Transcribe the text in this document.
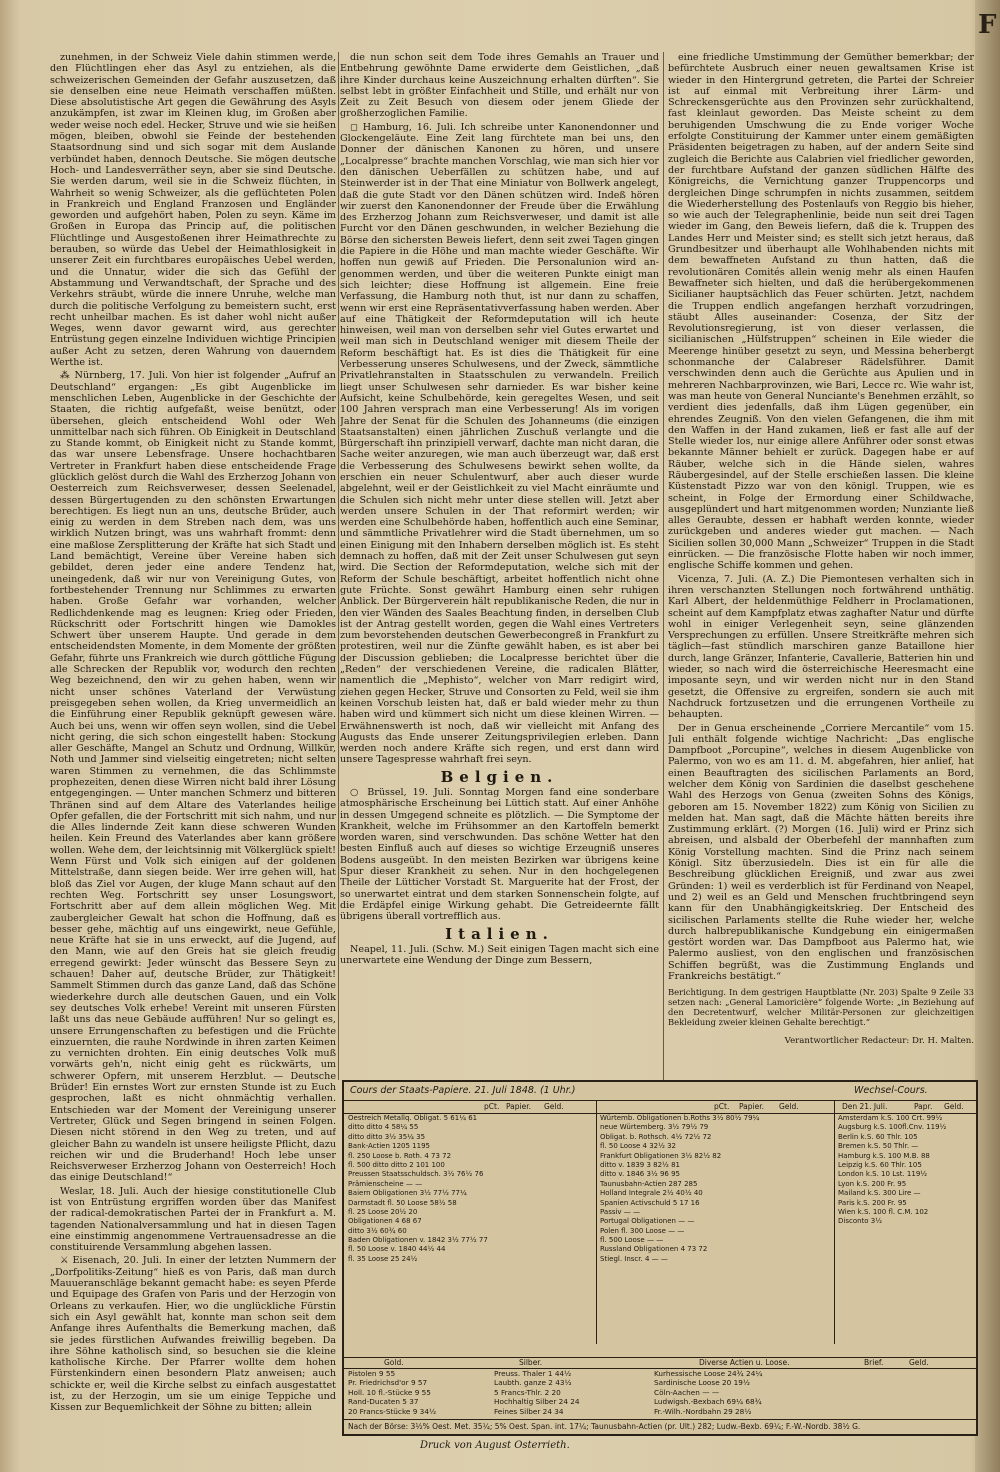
F

zunehmen, in der Schweiz Viele dahin stimmen werde, den Flüchtlingen eher das Asyl zu entziehen, als die schweizerischen Gemeinden der Gefahr auszusetzen, daß sie denselben eine neue Heimath verschaffen müßten. Diese absolutistische Art gegen die Gewährung des Asyls anzukämpfen, ist zwar im Kleinen klug, im Großen aber weder weise noch edel. Hecker, Struve und wie sie heißen mögen, bleiben, obwohl sie Feinde der bestehenden Staatsordnung sind und sich sogar mit dem Auslande verbündet haben, dennoch Deutsche. Sie mögen deutsche Hoch- und Landesverräther seyn, aber sie sind Deutsche. Sie werden darum, weil sie in die Schweiz flüchten, in Wahrheit so wenig Schweizer, als die geflüchteten Polen in Frankreich und England Franzosen und Engländer geworden und aufgehört haben, Polen zu seyn. Käme im Großen in Europa das Princip auf, die politischen Flüchtlinge und Ausgestoßenen ihrer Heimathrechte zu berauben, so würde das Uebel der Heimathlosigkeit in unserer Zeit ein furchtbares europäisches Uebel werden, und die Unnatur, wider die sich das Gefühl der Abstammung und Verwandtschaft, der Sprache und des Verkehrs sträubt, würde die innere Unruhe, welche man durch die politische Verfolgung zu bemeistern sucht, erst recht unheilbar machen. Es ist daher wohl nicht außer Weges, wenn davor gewarnt wird, aus gerechter Entrüstung gegen einzelne Individuen wichtige Principien außer Acht zu setzen, deren Wahrung von dauerndem Werthe ist.

⁂ Nürnberg, 17. Juli. Von hier ist folgender „Aufruf an Deutschland“ ergangen: „Es gibt Augenblicke im menschlichen Leben, Augenblicke in der Geschichte der Staaten, die richtig aufgefaßt, weise benützt, oder übersehen, gleich entscheidend Wohl oder Weh unmittelbar nach sich führen. Ob Einigkeit in Deutschland zu Stande kommt, ob Einigkeit nicht zu Stande kommt, das war unsere Lebensfrage. Unsere hochachtbaren Vertreter in Frankfurt haben diese entscheidende Frage glücklich gelöst durch die Wahl des Erzherzog Johann von Oesterreich zum Reichsverweser, dessen Seelenadel, dessen Bürgertugenden zu den schönsten Erwartungen berechtigen. Es liegt nun an uns, deutsche Brüder, auch einig zu werden in dem Streben nach dem, was uns wirklich Nutzen bringt, was uns wahrhaft frommt: denn eine maßlose Zersplitterung der Kräfte hat sich Stadt und Land bemächtigt, Vereine über Vereine haben sich gebildet, deren jeder eine andere Tendenz hat, uneingedenk, daß wir nur von Vereinigung Gutes, von fortbestehender Trennung nur Schlimmes zu erwarten haben. Große Gefahr war vorhanden, welcher Redlichdenkende mag es leugnen: Krieg oder Frieden, Rückschritt oder Fortschritt hingen wie Damokles Schwert über unserem Haupte. Und gerade in dem entscheidendsten Momente, in dem Momente der größten Gefahr, führte uns Frankreich wie durch göttliche Fügung alle Schrecken der Republik vor, wodurch den rechten Weg bezeichnend, den wir zu gehen haben, wenn wir nicht unser schönes Vaterland der Verwüstung preisgegeben sehen wollen, da Krieg unvermeidlich an die Einführung einer Republik geknüpft gewesen wäre. Auch bei uns, wenn wir offen seyn wollen, sind die Uebel nicht gering, die sich schon eingestellt haben: Stockung aller Geschäfte, Mangel an Schutz und Ordnung, Willkür, Noth und Jammer sind vielseitig eingetreten; nicht selten waren Stimmen zu vernehmen, die das Schlimmste prophezeiten, denen diese Wirren nicht bald ihrer Lösung entgegengingen. — Unter manchen Schmerz und bitteren Thränen sind auf dem Altare des Vaterlandes heilige Opfer gefallen, die der Fortschritt mit sich nahm, und nur die Alles lindernde Zeit kann diese schweren Wunden heilen. Kein Freund des Vaterlandes aber kann größere wollen. Wehe dem, der leichtsinnig mit Völkerglück spielt! Wenn Fürst und Volk sich einigen auf der goldenen Mittelstraße, dann siegen beide. Wer irre gehen will, hat bloß das Ziel vor Augen, der kluge Mann schaut auf den rechten Weg. Fortschritt sey unser Losungswort, Fortschritt aber auf dem allein möglichen Weg. Mit zaubergleicher Gewalt hat schon die Hoffnung, daß es besser gehe, mächtig auf uns eingewirkt, neue Gefühle, neue Kräfte hat sie in uns erweckt, auf die Jugend, auf den Mann, wie auf den Greis hat sie gleich freudig erregend gewirkt: Jeder wünscht das Bessere Seyn zu schauen! Daher auf, deutsche Brüder, zur Thätigkeit! Sammelt Stimmen durch das ganze Land, daß das Schöne wiederkehre durch alle deutschen Gauen, und ein Volk sey deutsches Volk erhebe! Vereint mit unseren Fürsten laßt uns das neue Gebäude aufführen! Nur so gelingt es, unsere Errungenschaften zu befestigen und die Früchte einzuernten, die rauhe Nordwinde in ihren zarten Keimen zu vernichten drohten. Ein einig deutsches Volk muß vorwärts geh'n, nicht einig geht es rückwärts, um schwerer Opfern, mit unserem Herzblut. — Deutsche Brüder! Ein ernstes Wort zur ernsten Stunde ist zu Euch gesprochen, laßt es nicht ohnmächtig verhallen. Entschieden war der Moment der Vereinigung unserer Vertreter, Glück und Segen bringend in seinen Folgen. Diesen nicht störend in den Weg zu treten, und auf gleicher Bahn zu wandeln ist unsere heiligste Pflicht, dazu reichen wir und die Bruderhand! Hoch lebe unser Reichsverweser Erzherzog Johann von Oesterreich! Hoch das einige Deutschland!“

Weslar, 18. Juli. Auch der hiesige constitutionelle Club ist von Entrüstung ergriffen worden über das Manifest der radical-demokratischen Partei der in Frankfurt a. M. tagenden Nationalversammlung und hat in diesen Tagen eine einstimmig angenommene Vertrauensadresse an die constituirende Versammlung abgehen lassen.

⚔ Eisenach, 20. Juli. In einer der letzten Nummern der „Dorfpolitiks-Zeitung“ hieß es von Paris, daß man durch Mauueranschläge bekannt gemacht habe: es seyen Pferde und Equipage des Grafen von Paris und der Herzogin von Orleans zu verkaufen. Hier, wo die unglückliche Fürstin sich ein Asyl gewählt hat, konnte man schon seit dem Anfange ihres Aufenthalts die Bemerkung machen, daß sie jedes fürstlichen Aufwandes freiwillig begeben. Da ihre Söhne katholisch sind, so besuchen sie die kleine katholische Kirche. Der Pfarrer wollte dem hohen Fürstenkindern einen besondern Platz anweisen; auch schickte er, weil die Kirche selbst zu einfach ausgestattet ist, zu der Herzogin, um sie um einige Teppiche und Kissen zur Bequemlichkeit der Söhne zu bitten; allein

die nun schon seit dem Tode ihres Gemahls an Trauer und Entbehrung gewöhnte Dame erwiderte dem Geistlichen, „daß ihre Kinder durchaus keine Auszeichnung erhalten dürften“. Sie selbst lebt in größter Einfachheit und Stille, und erhält nur von Zeit zu Zeit Besuch von diesem oder jenem Gliede der großherzoglichen Familie.

◻ Hamburg, 16. Juli. Ich schreibe unter Kanonendonner und Glockengeläute. Eine Zeit lang fürchtete man bei uns, den Donner der dänischen Kanonen zu hören, und unsere „Localpresse“ brachte manchen Vorschlag, wie man sich hier vor den dänischen Ueberfällen zu schützen habe, und auf Steinwerder ist in der That eine Miniatur von Bollwerk angelegt, daß die gute Stadt vor den Dänen schützen wird. Indeß hören wir zuerst den Kanonendonner der Freude über die Erwählung des Erzherzog Johann zum Reichsverweser, und damit ist alle Furcht vor den Dänen geschwunden, in welcher Beziehung die Börse den sichersten Beweis liefert, denn seit zwei Tagen gingen die Papiere in die Höhe und man machte wieder Geschäfte. Wir hoffen nun gewiß auf Frieden. Die Personalunion wird an-genommen werden, und über die weiteren Punkte einigt man sich leichter; diese Hoffnung ist allgemein. Eine freie Verfassung, die Hamburg noth thut, ist nur dann zu schaffen, wenn wir erst eine Repräsentativverfassung haben werden. Aber auf eine Thätigkeit der Reformdeputation will ich heute hinweisen, weil man von derselben sehr viel Gutes erwartet und weil man sich in Deutschland weniger mit diesem Theile der Reform beschäftigt hat. Es ist dies die Thätigkeit für eine Verbesserung unseres Schulwesens, und der Zweck, sämmtliche Privatlehranstalten in Staatsschulen zu verwandeln. Freilich liegt unser Schulwesen sehr darnieder. Es war bisher keine Aufsicht, keine Schulbehörde, kein geregeltes Wesen, und seit 100 Jahren versprach man eine Verbesserung! Als im vorigen Jahre der Senat für die Schulen des Johanneums (die einzigen Staatsanstalten) einen jährlichen Zuschuß verlangte und die Bürgerschaft ihn prinzipiell verwarf, dachte man nicht daran, die Sache weiter anzuregen, wie man auch überzeugt war, daß erst die Verbesserung des Schulwesens bewirkt sehen wollte, da erschien ein neuer Schulentwurf, aber auch dieser wurde abgelehnt, weil er der Geistlichkeit zu viel Macht einräumte und die Schulen sich nicht mehr unter diese stellen will. Jetzt aber werden unsere Schulen in der That reformirt werden; wir werden eine Schulbehörde haben, hoffentlich auch eine Seminar, und sämmtliche Privatlehrer wird die Stadt übernehmen, um so einen Einigung mit den Inhabern derselben möglich ist. Es steht demnach zu hoffen, daß mit der Zeit unser Schulwesen gut seyn wird. Die Section der Reformdeputation, welche sich mit der Reform der Schule beschäftigt, arbeitet hoffentlich nicht ohne gute Früchte. Sonst gewährt Hamburg einen sehr ruhigen Anblick. Der Bürgerverein hält republikanische Reden, die nur in den vier Wänden des Saales Beachtung finden, in derselben Club ist der Antrag gestellt worden, gegen die Wahl eines Vertreters zum bevorstehenden deutschen Gewerbecongreß in Frankfurt zu protestiren, weil nur die Zünfte gewählt haben, es ist aber bei der Discussion geblieben; die Localpresse berichtet über die „Reden“ der verschiedenen Vereine, die radicalen Blätter, namentlich die „Mephisto“, welcher von Marr redigirt wird, ziehen gegen Hecker, Struve und Consorten zu Feld, weil sie ihm keinen Vorschub leisten hat, daß er bald wieder mehr zu thun haben wird und kümmert sich nicht um diese kleinen Wirren. — Erwähnenswerth ist noch, daß wir vielleicht mit Anfang des Augusts das Ende unserer Zeitungsprivilegien erleben. Dann werden noch andere Kräfte sich regen, und erst dann wird unsere Tagespresse wahrhaft frei seyn.

Belgien.

○ Brüssel, 19. Juli. Sonntag Morgen fand eine sonderbare atmosphärische Erscheinung bei Lüttich statt. Auf einer Anhöhe in dessen Umgegend schneite es plötzlich. — Die Symptome der Krankheit, welche im Frühsommer an den Kartoffeln bemerkt worden waren, sind verschwunden. Das schöne Wetter hat den besten Einfluß auch auf dieses so wichtige Erzeugniß unseres Bodens ausgeübt. In den meisten Bezirken war übrigens keine Spur dieser Krankheit zu sehen. Nur in den hochgelegenen Theile der Lütticher Vorstadt St. Marguerite hat der Frost, der so unerwartet eintrat und dem starken Sonnenschein folgte, auf die Erdäpfel einige Wirkung gehabt. Die Getreideernte fällt übrigens überall vortrefflich aus.

Italien.

Neapel, 11. Juli. (Schw. M.) Seit einigen Tagen macht sich eine unerwartete eine Wendung der Dinge zum Bessern,

eine friedliche Umstimmung der Gemüther bemerkbar; der befürchtete Ausbruch einer neuen gewaltsamen Krise ist wieder in den Hintergrund getreten, die Partei der Schreier ist auf einmal mit Verbreitung ihrer Lärm- und Schreckensgerüchte aus den Provinzen sehr zurückhaltend, fast kleinlaut geworden. Das Meiste scheint zu dem beruhigenden Umschwung die zu Ende voriger Woche erfolgte Constituirung der Kammer unter einem gemäßigten Präsidenten beigetragen zu haben, auf der andern Seite sind zugleich die Berichte aus Calabrien viel friedlicher geworden, der furchtbare Aufstand der ganzen südlichen Hälfte des Königreichs, die Vernichtung ganzer Truppencorps und dergleichen Dinge schrumpfen in nichts zusammen, seitdem die Wiederherstellung des Postenlaufs von Reggio bis hieher, so wie auch der Telegraphenlinie, beide nun seit drei Tagen wieder im Gang, den Beweis liefern, daß die k. Truppen des Landes Herr und Meister sind; es stellt sich jetzt heraus, daß Grundbesitzer und überhaupt alle Wohlhabenden nichts mit dem bewaffneten Aufstand zu thun hatten, daß die revolutionären Comités allein wenig mehr als einen Haufen Bewaffneter sich hielten, und daß die herübergekommenen Sicilianer hauptsächlich das Feuer schürten. Jetzt, nachdem die Truppen endlich angefangen herzhaft vorzudringen, stäubt Alles auseinander: Cosenza, der Sitz der Revolutionsregierung, ist von dieser verlassen, die sicilianischen „Hülfstruppen“ scheinen in Eile wieder die Meerenge hinüber gesetzt zu seyn, und Messina beherbergt schonmanche der Calabreser Rädelsführer. Damit verschwinden denn auch die Gerüchte aus Apulien und in mehreren Nachbarprovinzen, wie Bari, Lecce rc. Wie wahr ist, was man heute von General Nunciante's Benehmen erzählt, so verdient dies jedenfalls, daß ihm Lügen gegenüber, ein ehrendes Zeugniß. Von den vielen Gefangenen, die ihm mit den Waffen in der Hand zukamen, ließ er fast alle auf der Stelle wieder los, nur einige allere Anführer oder sonst etwas bekannte Männer behielt er zurück. Dagegen habe er auf Räuber, welche sich in die Hände sielen, wahres Räubergesindel, auf der Stelle erschießen lassen. Die kleine Küstenstadt Pizzo war von den königl. Truppen, wie es scheint, in Folge der Ermordung einer Schildwache, ausgeplündert und hart mitgenommen worden; Nunziante ließ alles Geraubte, dessen er habhaft werden konnte, wieder zurückgeben und anderes wieder gut machen. — Nach Sicilien sollen 30,000 Mann „Schweizer“ Truppen in die Stadt einrücken. — Die französische Flotte haben wir noch immer, englische Schiffe kommen und gehen.

Vicenza, 7. Juli. (A. Z.) Die Piemontesen verhalten sich in ihren verschanzten Stellungen noch fortwährend unthätig. Karl Albert, der heldenmüthige Feldherr in Proclamationen, scheint auf dem Kampfplatz etwas zaghafter Natur und dürfte wohl in einiger Verlegenheit seyn, seine glänzenden Versprechungen zu erfüllen. Unsere Streitkräfte mehren sich täglich—fast stündlich marschiren ganze Bataillone hier durch, lange Gränzer, Infanterie, Cavallerie, Batterien hin und wieder, so nach wird die österreichische Heeresmacht eine imposante seyn, und wir werden nicht nur in den Stand gesetzt, die Offensive zu ergreifen, sondern sie auch mit Nachdruck fortzusetzen und die errungenen Vortheile zu behaupten.

Der in Genua erscheinende „Corriere Mercantile“ vom 15. Juli enthält folgende wichtige Nachricht: „Das englische Dampfboot „Porcupine“, welches in diesem Augenblicke von Palermo, von wo es am 11. d. M. abgefahren, hier anlief, hat einen Beauftragten des sicilischen Parlaments an Bord, welcher dem König von Sardinien die daselbst geschehene Wahl des Herzogs von Genua (zweiten Sohns des Königs, geboren am 15. November 1822) zum König von Sicilien zu melden hat. Man sagt, daß die Mächte hätten bereits ihre Zustimmung erklärt. (?) Morgen (16. Juli) wird er Prinz sich abreisen, und alsbald der Oberbefehl der mannhaften zum König Vorstellung machten. Sind die Prinz nach seinem Königl. Sitz überzusiedeln. Dies ist ein für alle die Beschreibung glücklichen Ereigniß, und zwar aus zwei Gründen: 1) weil es verderblich ist für Ferdinand von Neapel, und 2) weil es an Geld und Menschen fruchtbringend seyn kann für den Unabhängigkeitskrieg. Der Entscheid des sicilischen Parlaments stellte die Ruhe wieder her, welche durch halbrepublikanische Kundgebung ein einigermaßen gestört worden war. Das Dampfboot aus Palermo hat, wie Palermo ausliest, von den englischen und französischen Schiffen begrüßt, was die Zustimmung Englands und Frankreichs bestätigt.“

Berichtigung. In dem gestrigen Hauptblatte (Nr. 203) Spalte 9 Zeile 33 setzen nach: „General Lamoricière“ folgende Worte: „in Beziehung auf den Decretentwurf, welcher Militär-Personen zur gleichzeitigen Bekleidung zweier kleinen Gehalte berechtigt.“
Verantwortlicher Redacteur: Dr. H. Malten.
Cours der Staats-Papiere. 21. Juli 1848. (1 Uhr.)	Wechsel-Cours.
pCt. Papier. Geld.	pCt. Papier. Geld.	Den 21. Juli.	Papr. Geld.
Oestreich Metallq. Obligat. 5 61¼ 61
ditto ditto 4 58¼ 55
ditto ditto 3½ 35¼ 35
Bank-Actien 1205 1195
fl. 250 Loose b. Roth. 4 73 72
fl. 500 ditto ditto 2 101 100
Preussen Staatsschuldsch. 3½ 76½ 76
Prämienscheine — —
Baiern Obligationen 3½ 77½ 77¼
Darmstadt fl. 50 Loose 58½ 58
fl. 25 Loose 20½ 20
Obligationen 4 68 67
ditto 3½ 60¾ 60
Baden Obligationen v. 1842 3½ 77½ 77
fl. 50 Loose v. 1840 44½ 44
fl. 35 Loose 25 24½
Würtemb. Obligationen b.Roths 3½ 80½ 79¼
neue Würtemberg. 3½ 79½ 79
Obligat. b. Rothsch. 4½ 72½ 72
fl. 50 Loose 4 32½ 32
Frankfurt Obligationen 3½ 82½ 82
ditto v. 1839 3 82½ 81
ditto v. 1846 3½ 96 95
Taunusbahn-Actien 287 285
Holland Integrale 2½ 40½ 40
Spanien Activschuld 5 17 16
Passiv — —
Portugal Obligationen — —
Polen fl. 300 Loose — —
fl. 500 Loose — —
Russland Obligationen 4 73 72
Stiegl. Inscr. 4 — —
Amsterdam k.S. 100 Crt. 99½
Augsburg k.S. 100fl.Cnv. 119½
Berlin k.S. 60 Thlr. 105
Bremen k.S. 50 Thlr. —
Hamburg k.S. 100 M.B. 88
Leipzig k.S. 60 Thlr. 105
London k.S. 10 Lst. 119½
Lyon k.S. 200 Fr. 95
Mailand k.S. 300 Lire —
Paris k.S. 200 Fr. 95
Wien k.S. 100 fl. C.M. 102
Disconto 3½
Gold.	Silber.	Diverse Actien u. Loose.	Brief.	Geld.
Pistolen 9 55
Pr. Friedrichsd'or 9 57
Holl. 10 fl.-Stücke 9 55
Rand-Ducaten 5 37
20 Francs-Stücke 9 34½
Preuss. Thaler 1 44½
Laubth. ganze 2 43½
5 Francs-Thlr. 2 20
Hochhaltig Silber 24 24
Feines Silber 24 34
Kurhessische Loose 24¾ 24¼
Sardinische Loose 20 19½
Cöln-Aachen — —
Ludwigsh.-Bexbach 69¼ 68¾
Fr.-Wilh.-Nordbahn 29 28½
Nach der Börse: 3½% Oest. Met. 35¼; 5% Oest. Span. int. 17¼; Taunusbahn-Actien (pr. Ult.) 282; Ludw.-Bexb. 69¼; F.-W.-Nordb. 38½ G.
Druck von August Osterrieth.
